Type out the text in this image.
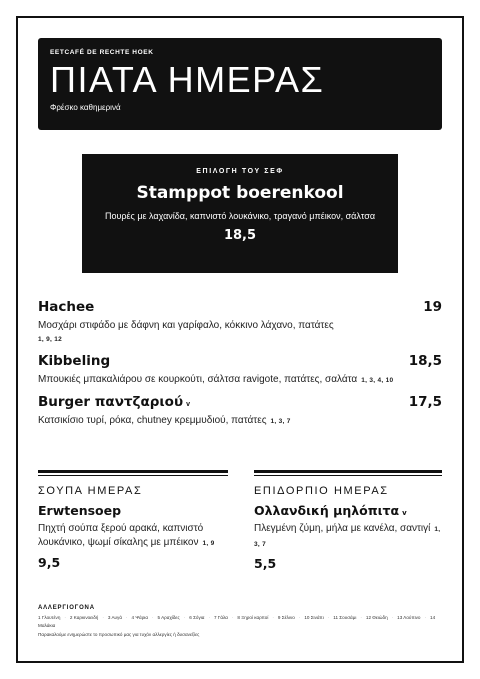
EETCAFÉ DE RECHTE HOEK
ΠΙΑΤΑ ΗΜΕΡΑΣ
Φρέσκο καθημερινά
ΕΠΙΛΟΓΗ ΤΟΥ ΣΕΦ
Stamppot boerenkool
Πουρές με λαχανίδα, καπνιστό λουκάνικο, τραγανό μπέικον, σάλτσα
18,5
Hachee	19
Μοσχάρι στιφάδο με δάφνη και γαρίφαλο, κόκκινο λάχανο, πατάτες
1, 9, 12
Kibbeling	18,5
Μπουκιές μπακαλιάρου σε κουρκούτι, σάλτσα ravigote, πατάτες, σαλάτα 1, 3, 4, 10
Burger παντζαριού v	17,5
Κατσικίσιο τυρί, ρόκα, chutney κρεμμυδιού, πατάτες 1, 3, 7
ΣΟΥΠΑ ΗΜΕΡΑΣ
Erwtensoep
Πηχτή σούπα ξερού αρακά, καπνιστό λουκάνικο, ψωμί σίκαλης με μπέικον 1, 9
9,5
ΕΠΙΔΟΡΠΙΟ ΗΜΕΡΑΣ
Ολλανδική μηλόπιτα v
Πλεγμένη ζύμη, μήλα με κανέλα, σαντιγί 1, 3, 7
5,5
ΑΛΛΕΡΓΙΟΓΟΝΑ
1 Γλουτένη · 2 Καρκινοειδή · 3 Αυγά · 4 Ψάρια · 5 Αραχίδες · 6 Σόγια · 7 Γάλα · 8 Ξηροί καρποί · 9 Σέλινο · 10 Σινάπι · 11 Σουσάμι · 12 Θειώδη · 13 Λούπινο · 14 Μαλάκια
Παρακαλούμε ενημερώστε το προσωπικό μας για τυχόν αλλεργίες ή δυσανεξίες
